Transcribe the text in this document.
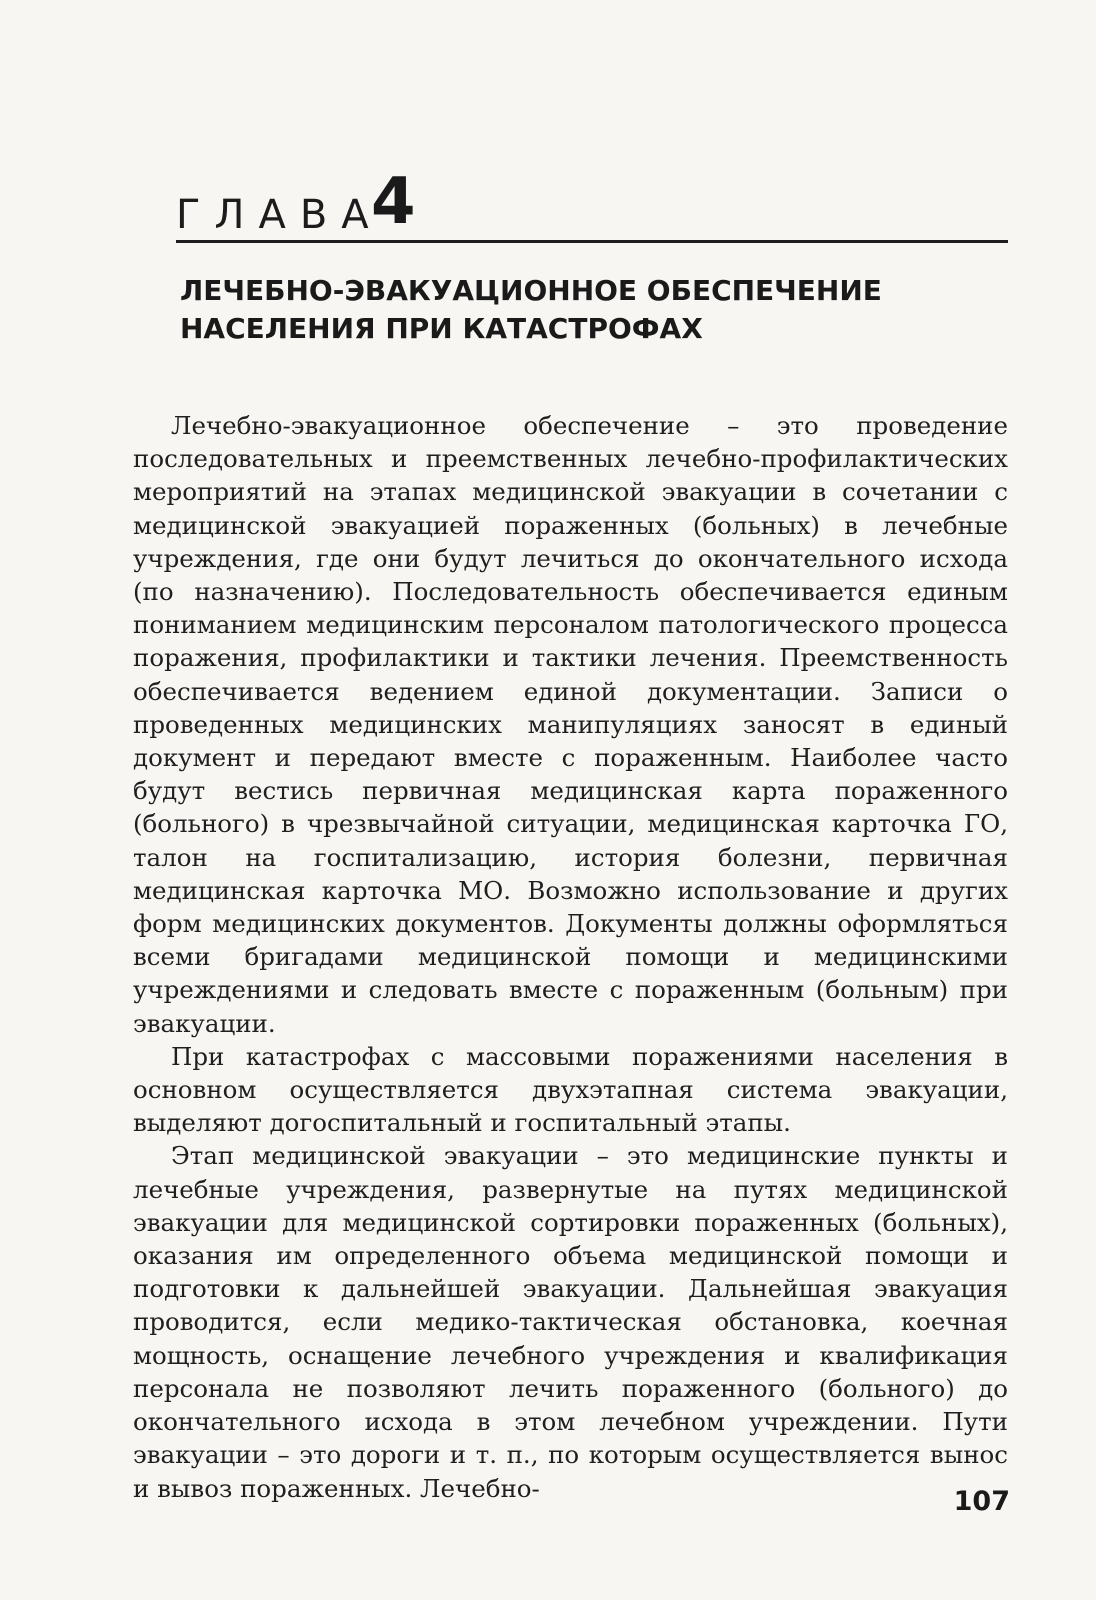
ГЛАВА
4
ЛЕЧЕБНО-ЭВАКУАЦИОННОЕ ОБЕСПЕЧЕНИЕ
НАСЕЛЕНИЯ ПРИ КАТАСТРОФАХ

Лечебно-эвакуационное обеспечение – это проведение последовательных и преемственных лечебно-профилактических мероприятий на этапах медицинской эвакуации в сочетании с медицинской эвакуацией пораженных (больных) в лечебные учреждения, где они будут лечиться до окончательного исхода (по назначению). Последовательность обеспечивается единым пониманием медицинским персоналом патологического процесса поражения, профилактики и тактики лечения. Преемственность обеспечивается ведением единой документации. Записи о проведенных медицинских манипуляциях заносят в единый документ и передают вместе с пораженным. Наиболее часто будут вестись первичная медицинская карта пораженного (больного) в чрезвычайной ситуации, медицинская карточка ГО, талон на госпитализацию, история болезни, первичная медицинская карточка МО. Возможно использование и других форм медицинских документов. Документы должны оформляться всеми бригадами медицинской помощи и медицинскими учреждениями и следовать вместе с пораженным (больным) при эвакуации.

При катастрофах с массовыми поражениями населения в основном осуществляется двухэтапная система эвакуации, выделяют догоспитальный и госпитальный этапы.

Этап медицинской эвакуации – это медицинские пункты и лечебные учреждения, развернутые на путях медицинской эвакуации для медицинской сортировки пораженных (больных), оказания им определенного объема медицинской помощи и подготовки к дальнейшей эвакуации. Дальнейшая эвакуация проводится, если медико-тактическая обстановка, коечная мощность, оснащение лечебного учреждения и квалификация персонала не позволяют лечить пораженного (больного) до окончательного исхода в этом лечебном учреждении. Пути эвакуации – это дороги и т. п., по которым осуществляется вынос и вывоз пораженных. Лечебно-	107
